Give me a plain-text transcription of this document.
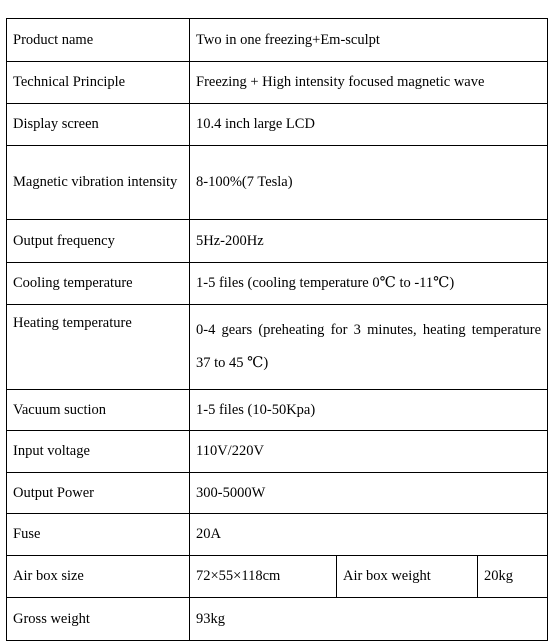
Product name	Two in one freezing+Em-sculpt		
Technical Principle	Freezing + High intensity focused magnetic wave		
Display screen	10.4 inch large LCD		
Magnetic vibration intensity	8-100%(7 Tesla)		
Output frequency	5Hz-200Hz		
Cooling temperature	1-5 files (cooling temperature 0℃ to -11℃)		
Heating temperature	0-4 gears (preheating for 3 minutes, heating temperature 37 to 45 ℃)		
Vacuum suction	1-5 files (10-50Kpa)		
Input voltage	110V/220V		
Output Power	300-5000W		
Fuse	20A		
Air box size	72×55×118cm	Air box weight	20kg
Gross weight	93kg		
